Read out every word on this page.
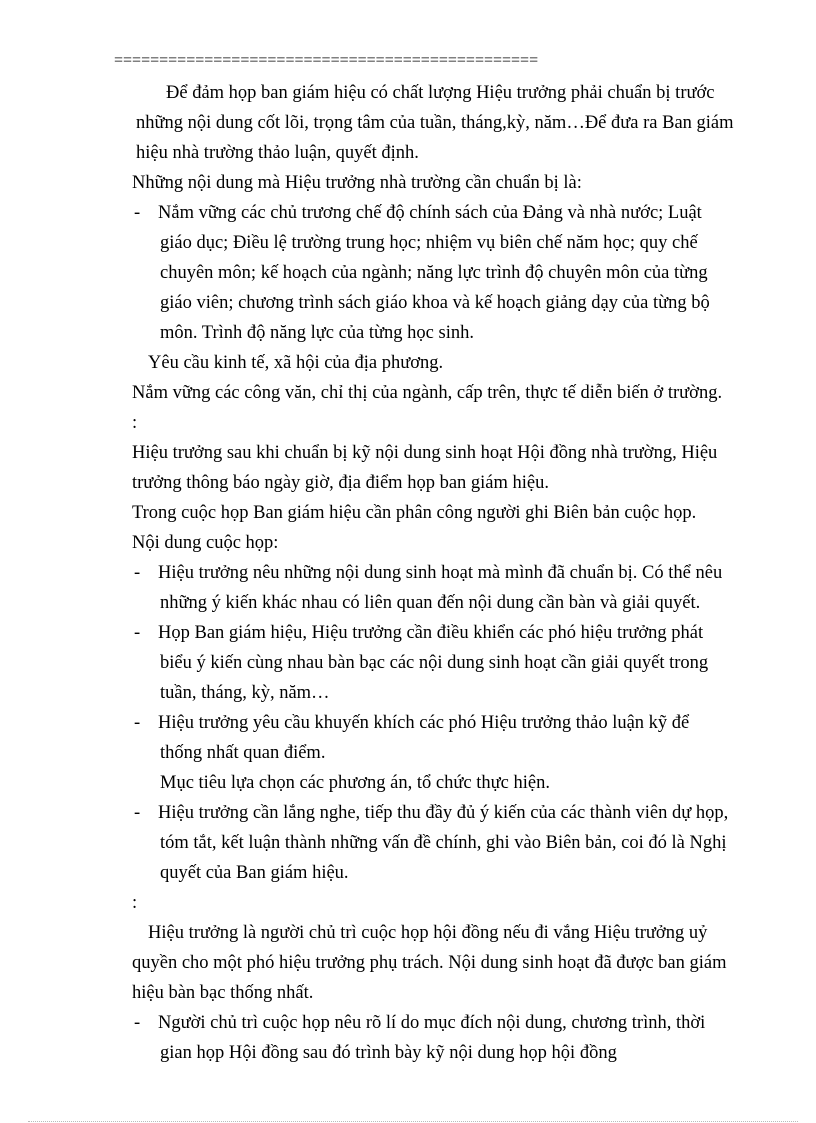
===============================================
Để đảm họp ban giám hiệu có chất lượng Hiệu trưởng phải chuẩn bị trước
những nội dung cốt lõi, trọng tâm của tuần, tháng,kỳ, năm…Để đưa ra Ban giám
hiệu nhà trường thảo luận, quyết định.
Những nội dung mà Hiệu trưởng nhà trường cần chuẩn bị là:
- Nắm vững các chủ trương chế độ chính sách của Đảng và nhà nước; Luật
giáo dục; Điều lệ trường trung học; nhiệm vụ biên chế năm học; quy chế
chuyên môn; kế hoạch của ngành; năng lực trình độ chuyên môn của từng
giáo viên; chương trình sách giáo khoa và kế hoạch giảng dạy của từng bộ
môn. Trình độ năng lực của từng học sinh.
Yêu cầu kinh tế, xã hội của địa phương.
Nắm vững các công văn, chỉ thị của ngành, cấp trên, thực tế diễn biến ở trường.
:
Hiệu trưởng sau khi chuẩn bị kỹ nội dung sinh hoạt Hội đồng nhà trường, Hiệu
trưởng thông báo ngày giờ, địa điểm họp ban giám hiệu.
Trong cuộc họp Ban giám hiệu cần phân công người ghi Biên bản cuộc họp.
Nội dung cuộc họp:
- Hiệu trưởng nêu những nội dung sinh hoạt mà mình đã chuẩn bị. Có thể nêu
những ý kiến khác nhau có liên quan đến nội dung cần bàn và giải quyết.
- Họp Ban giám hiệu, Hiệu trưởng cần điều khiển các phó hiệu trưởng phát
biểu ý kiến cùng nhau bàn bạc các nội dung sinh hoạt cần giải quyết trong
tuần, tháng, kỳ, năm…
- Hiệu trưởng yêu cầu khuyến khích các phó Hiệu trưởng thảo luận kỹ để
thống nhất quan điểm.
Mục tiêu lựa chọn các phương án, tổ chức thực hiện.
- Hiệu trưởng cần lắng nghe, tiếp thu đầy đủ ý kiến của các thành viên dự họp,
tóm tắt, kết luận thành những vấn đề chính, ghi vào Biên bản, coi đó là Nghị
quyết của Ban giám hiệu.
:
Hiệu trưởng là người chủ trì cuộc họp hội đồng nếu đi vắng Hiệu trưởng uỷ
quyền cho một phó hiệu trưởng phụ trách. Nội dung sinh hoạt đã được ban giám
hiệu bàn bạc thống nhất.
- Người chủ trì cuộc họp nêu rõ lí do mục đích nội dung, chương trình, thời
gian họp Hội đồng sau đó trình bày kỹ nội dung họp hội đồng
